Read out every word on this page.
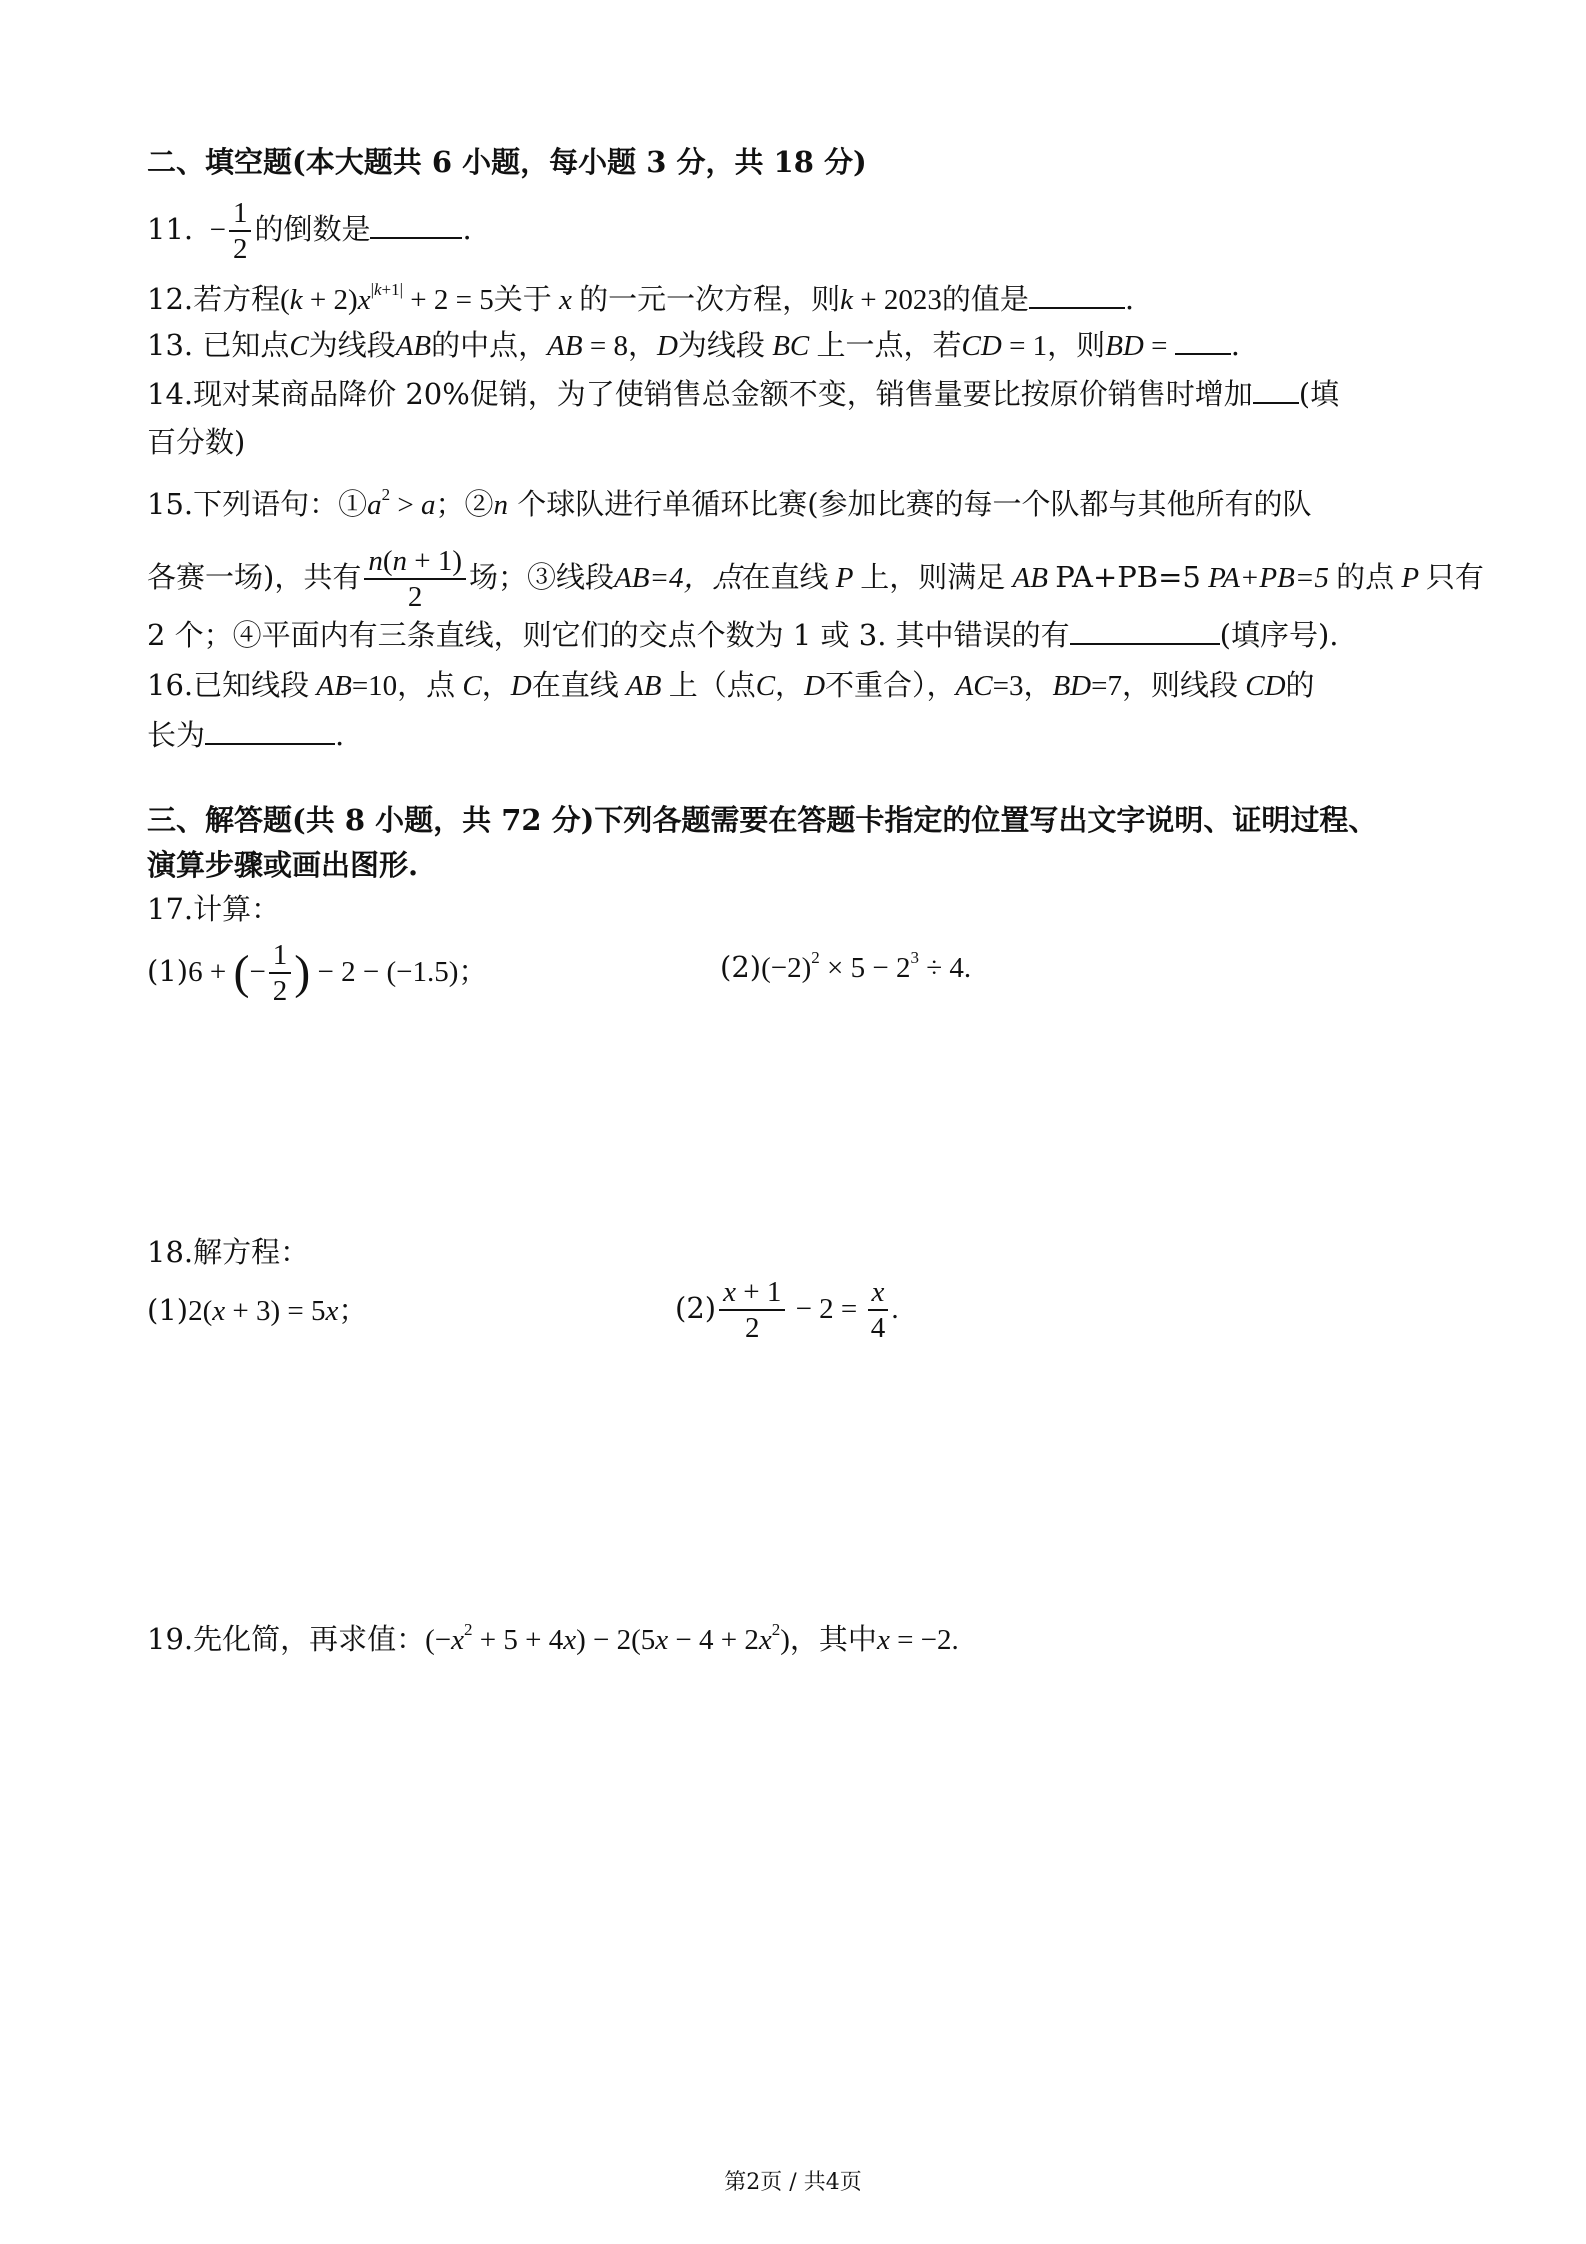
二、填空题(本大题共 6 小题，每小题 3 分，共 18 分)
11.  − $\frac{1}{2}$ 的倒数是	.
12.若方程$(k + 2)x^{|k+1|} + 2 = 5$关于 x 的一元一次方程，则k + 2023的值是	.
13. 已知点C为线段AB的中点，AB = 8，D为线段 BC 上一点，若CD = 1，则BD = .
14.现对某商品降价 20%促销，为了使销售总金额不变，销售量要比按原价销售时增加 (填
百分数)
15.下列语句：$①a^2 > a$；②n 个球队进行单循环比赛(参加比赛的每一个队都与其他所有的队
各赛一场)，共有 $\frac{n(n + 1)}{2}$ 场；③线段AB=4，点在直线 P 上，则满足 AB PA+PB=5 PA+PB=5 的点 P 只有
2 个；④平面内有三条直线，则它们的交点个数为 1 或 3. 其中错误的有	(填序号).
16.已知线段 AB=10，点 C，D在直线 AB 上（点C，D不重合），AC=3，BD=7，则线段 CD的
长为	.
三、解答题(共 8 小题，共 72 分)下列各题需要在答题卡指定的位置写出文字说明、证明过程、
演算步骤或画出图形.
17.计算：
(1)6 + (− $\frac{1}{2}$ ) − 2 − (−1.5)；	$(2)(-2)^2 \times 5 - 2^3 \div 4$.
18.解方程：
(1)2(x + 3) = 5x；	$(2) \frac{x + 1}{2} - 2 = \frac{x}{4}$ .
19.先化简，再求值：$(-x^2 + 5 + 4x) - 2(5x - 4 + 2x^2)$，其中x = −2.
第2页 / 共4页
